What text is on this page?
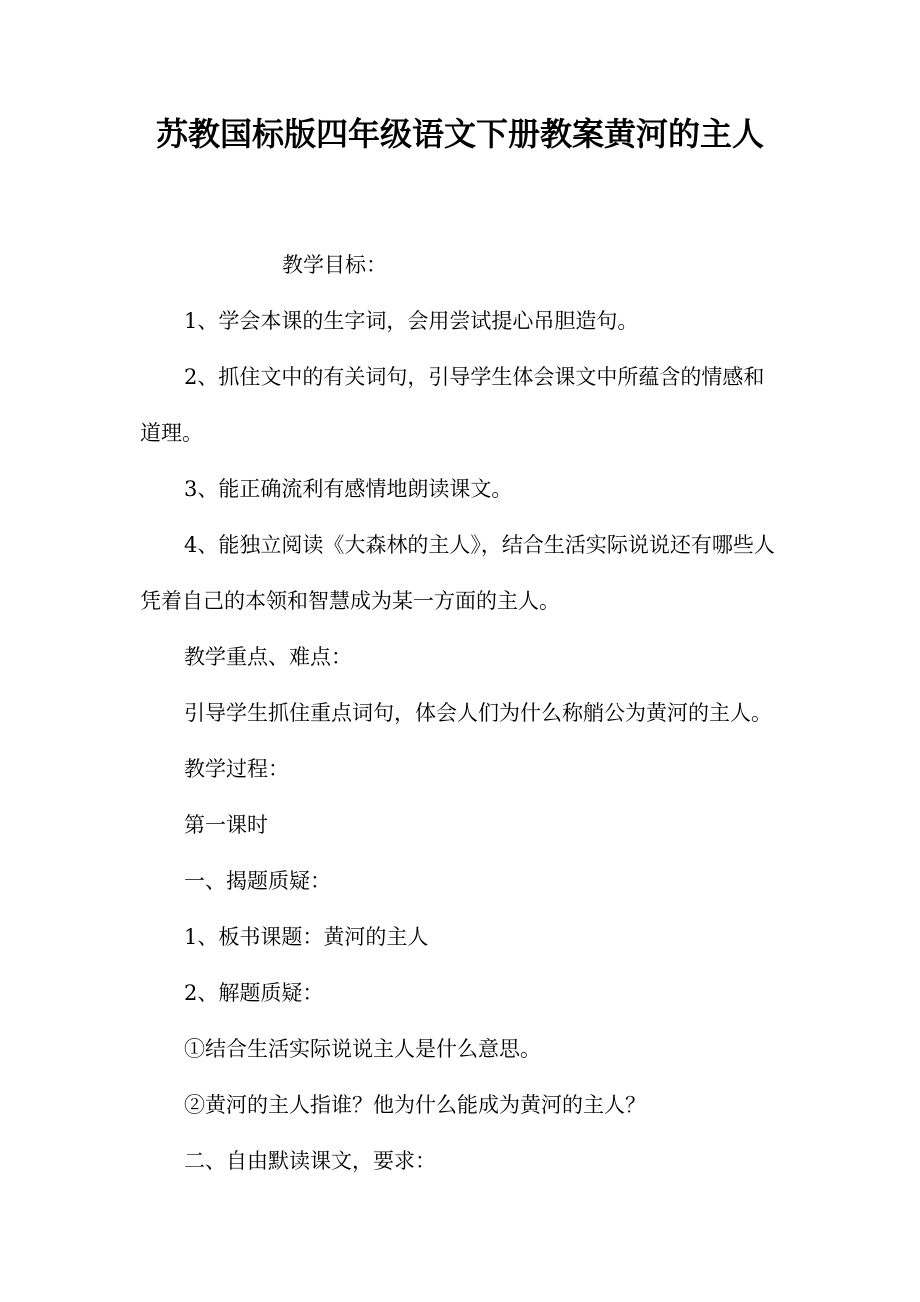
苏教国标版四年级语文下册教案黄河的主人
教学目标：
1、学会本课的生字词，会用尝试提心吊胆造句。
2、抓住文中的有关词句，引导学生体会课文中所蕴含的情感和道理。
3、能正确流利有感情地朗读课文。
4、能独立阅读《大森林的主人》，结合生活实际说说还有哪些人凭着自己的本领和智慧成为某一方面的主人。
教学重点、难点：
引导学生抓住重点词句，体会人们为什么称艄公为黄河的主人。
教学过程：
第一课时
一、揭题质疑：
1、板书课题：黄河的主人
2、解题质疑：
①结合生活实际说说主人是什么意思。
②黄河的主人指谁？他为什么能成为黄河的主人？
二、自由默读课文，要求：
